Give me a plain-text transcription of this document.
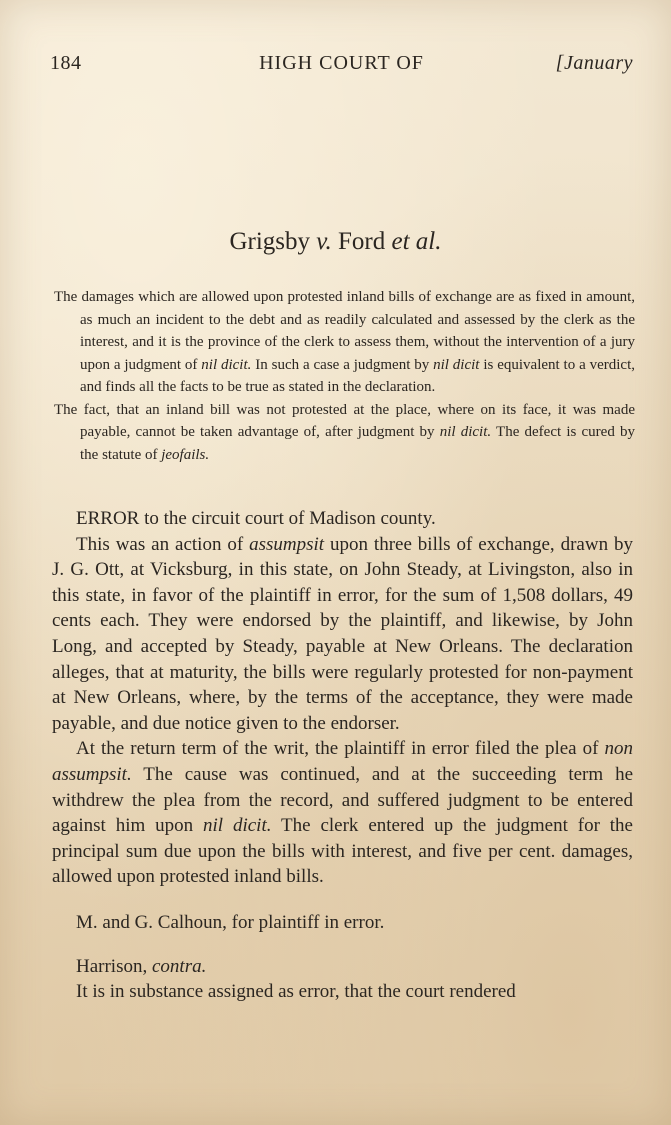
184	HIGH COURT OF	[January
Grigsby v. Ford et al.

The damages which are allowed upon protested inland bills of exchange are as fixed in amount, as much an incident to the debt and as readily calculated and assessed by the clerk as the interest, and it is the province of the clerk to assess them, without the intervention of a jury upon a judgment of nil dicit. In such a case a judgment by nil dicit is equivalent to a verdict, and finds all the facts to be true as stated in the declaration.

The fact, that an inland bill was not protested at the place, where on its face, it was made payable, cannot be taken advantage of, after judgment by nil dicit. The defect is cured by the statute of jeofails.

ERROR to the circuit court of Madison county.

This was an action of assumpsit upon three bills of exchange, drawn by J. G. Ott, at Vicksburg, in this state, on John Steady, at Livingston, also in this state, in favor of the plaintiff in error, for the sum of 1,508 dollars, 49 cents each. They were endorsed by the plaintiff, and likewise, by John Long, and accepted by Steady, payable at New Orleans. The declaration alleges, that at maturity, the bills were regularly protested for non-payment at New Orleans, where, by the terms of the acceptance, they were made payable, and due notice given to the endorser.

At the return term of the writ, the plaintiff in error filed the plea of non assumpsit. The cause was continued, and at the succeeding term he withdrew the plea from the record, and suffered judgment to be entered against him upon nil dicit. The clerk entered up the judgment for the principal sum due upon the bills with interest, and five per cent. damages, allowed upon protested inland bills.

M. and G. Calhoun, for plaintiff in error.

Harrison, contra.

It is in substance assigned as error, that the court rendered
